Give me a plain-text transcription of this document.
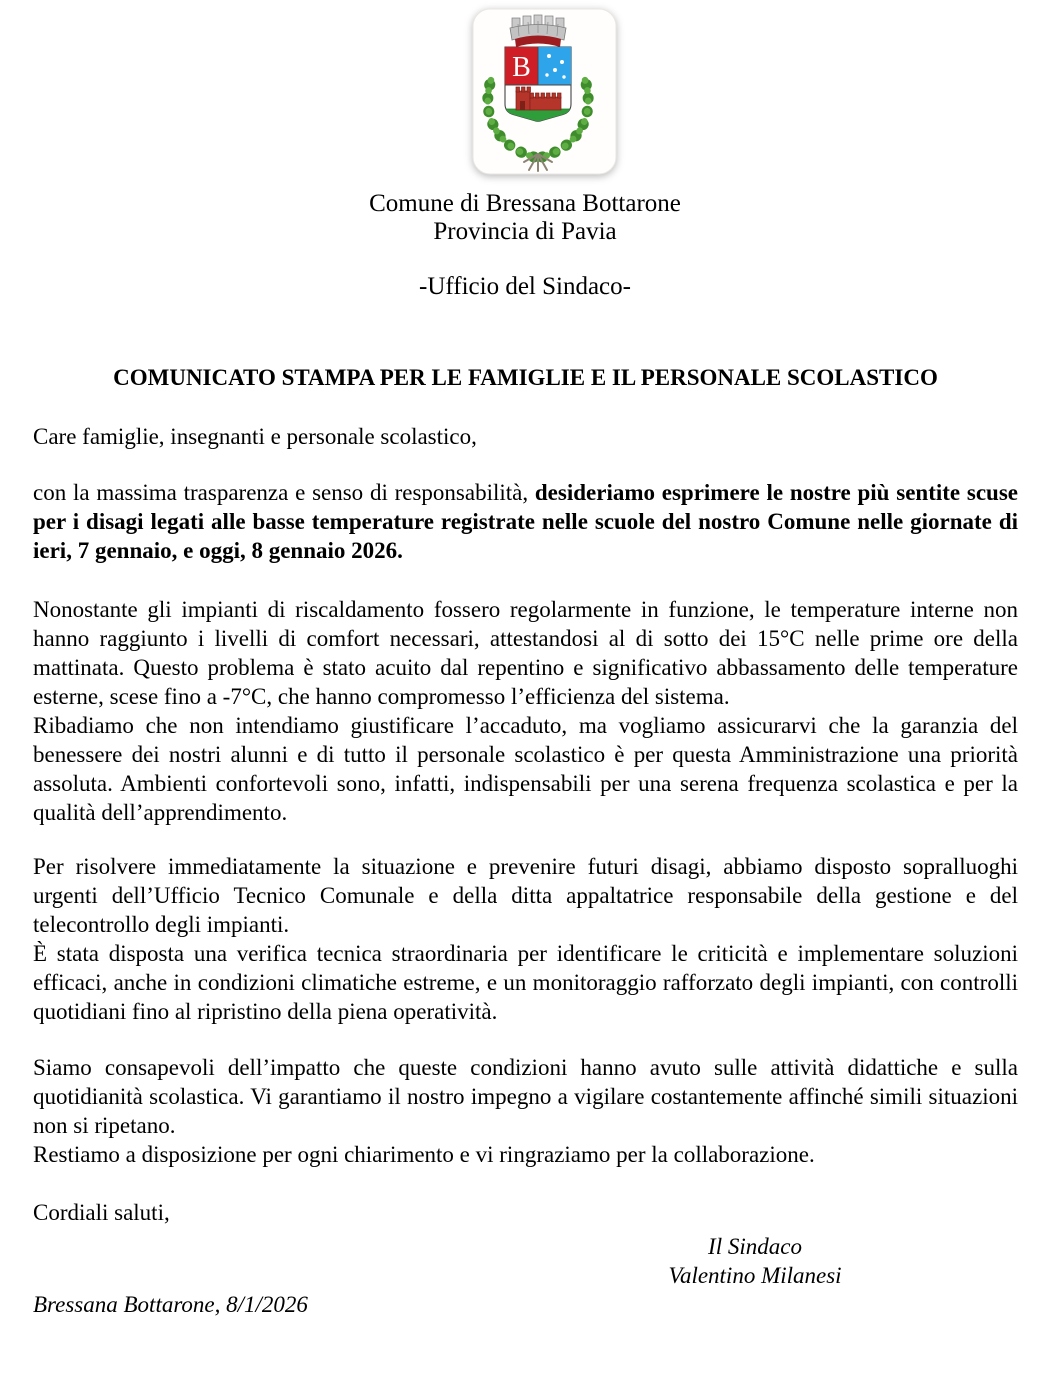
B
Comune di Bressana Bottarone
Provincia di Pavia
-Ufficio del Sindaco-
COMUNICATO STAMPA PER LE FAMIGLIE E IL PERSONALE SCOLASTICO

Care famiglie, insegnanti e personale scolastico,

con la massima trasparenza e senso di responsabilità, desideriamo esprimere le nostre più sentite scuse per i disagi legati alle basse temperature registrate nelle scuole del nostro Comune nelle giornate di ieri, 7 gennaio, e oggi, 8 gennaio 2026.

Nonostante gli impianti di riscaldamento fossero regolarmente in funzione, le temperature interne non hanno raggiunto i livelli di comfort necessari, attestandosi al di sotto dei 15°C nelle prime ore della mattinata. Questo problema è stato acuito dal repentino e significativo abbassamento delle temperature esterne, scese fino a -7°C, che hanno compromesso l’efficienza del sistema.

Ribadiamo che non intendiamo giustificare l’accaduto, ma vogliamo assicurarvi che la garanzia del benessere dei nostri alunni e di tutto il personale scolastico è per questa Amministrazione una priorità assoluta. Ambienti confortevoli sono, infatti, indispensabili per una serena frequenza scolastica e per la qualità dell’apprendimento.

Per risolvere immediatamente la situazione e prevenire futuri disagi, abbiamo disposto sopralluoghi urgenti dell’Ufficio Tecnico Comunale e della ditta appaltatrice responsabile della gestione e del telecontrollo degli impianti.

È stata disposta una verifica tecnica straordinaria per identificare le criticità e implementare soluzioni efficaci, anche in condizioni climatiche estreme, e un monitoraggio rafforzato degli impianti, con controlli quotidiani fino al ripristino della piena operatività.

Siamo consapevoli dell’impatto che queste condizioni hanno avuto sulle attività didattiche e sulla quotidianità scolastica. Vi garantiamo il nostro impegno a vigilare costantemente affinché simili situazioni non si ripetano.

Restiamo a disposizione per ogni chiarimento e vi ringraziamo per la collaborazione.

Cordiali saluti,

Il Sindaco
Valentino Milanesi

Bressana Bottarone, 8/1/2026
